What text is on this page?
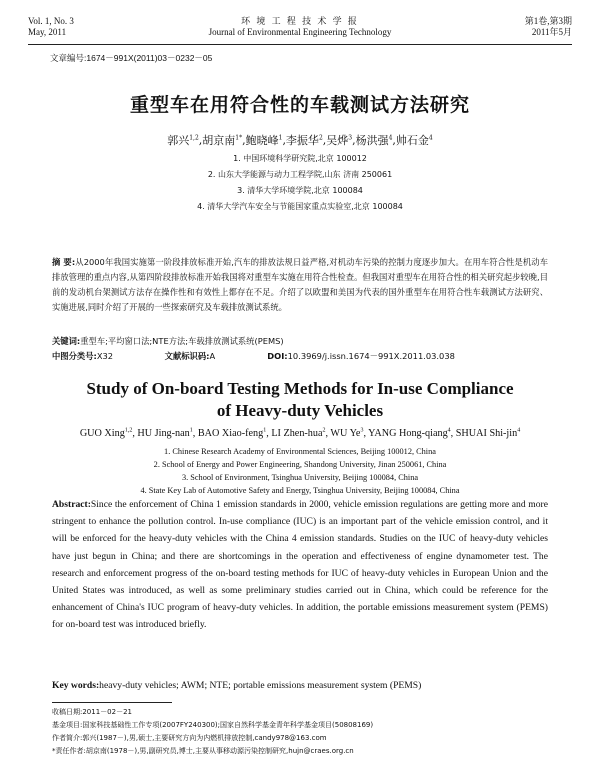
Vol. 1, No. 3
May, 2011
环 境 工 程 技 术 学 报
Journal of Environmental Engineering Technology
第1卷,第3期
2011年5月
文章编号:1674－991X(2011)03－0232－05
重型车在用符合性的车载测试方法研究
郭兴$^{1,2}$,胡京南$^{1*}$,鲍晓峰$^1$,李振华$^2$,吴烨$^3$,杨洪强$^4$,帅石金$^4$
1. 中国环境科学研究院,北京 100012
2. 山东大学能源与动力工程学院,山东 济南 250061
3. 清华大学环境学院,北京 100084
4. 清华大学汽车安全与节能国家重点实验室,北京 100084
摘 要:从2000年我国实施第一阶段排放标准开始,汽车的排放法规日益严格,对机动车污染的控制力度逐步加大。在用车符合性是机动车排放管理的重点内容,从第四阶段排放标准开始我国将对重型车实施在用符合性检查。但我国对重型车在用符合性的相关研究起步较晚,目前的发动机台架测试方法存在操作性和有效性上都存在不足。介绍了以欧盟和美国为代表的国外重型车在用符合性车载测试方法研究、实施进展,同时介绍了开展的一些探索研究及车载排放测试系统。
关键词:重型车;平均窗口法;NTE方法;车载排放测试系统(PEMS)
中图分类号:X32	文献标识码:A	DOI:10.3969/j.issn.1674－991X.2011.03.038
Study of On-board Testing Methods for In-use Compliance
of Heavy-duty Vehicles
GUO Xing$^{1,2}$, HU Jing-nan$^1$, BAO Xiao-feng$^1$, LI Zhen-hua$^2$, WU Ye$^3$, YANG Hong-qiang$^4$, SHUAI Shi-jin$^4$
1. Chinese Research Academy of Environmental Sciences, Beijing 100012, China
2. School of Energy and Power Engineering, Shandong University, Jinan 250061, China
3. School of Environment, Tsinghua University, Beijing 100084, China
Abstract:Since the enforcement of China 1 emission standards in 2000, vehicle emission regulations are getting more and more stringent to enhance the pollution control. In-use compliance (IUC) is an important part of the vehicle emission control, and it will be enforced for the heavy-duty vehicles with the China 4 emission standards. Studies on the IUC of heavy-duty vehicles have just begun in China; and there are shortcomings in the operation and effectiveness of engine dynamometer test. The research and enforcement progress of the on-board testing methods for IUC of heavy-duty vehicles in European Union and the United States was introduced, as well as some preliminary studies carried out in China, which could be reference for the enhancement of China's IUC program of heavy-duty vehicles. In addition, the portable emissions measurement system (PEMS) for on-board test was introduced briefly.
4. State Key Lab of Automotive Safety and Energy, Tsinghua University, Beijing 100084, China
Key words:heavy-duty vehicles; AWM; NTE; portable emissions measurement system (PEMS)
收稿日期:2011－02－21
基金项目:国家科技基础性工作专项(2007FY240300);国家自然科学基金青年科学基金项目(50808169)
作者简介:郭兴(1987－),男,硕士,主要研究方向为内燃机排放控制,candy978@163.com
*责任作者:胡京南(1978－),男,副研究员,博士,主要从事移动源污染控制研究,hujn@craes.org.cn
